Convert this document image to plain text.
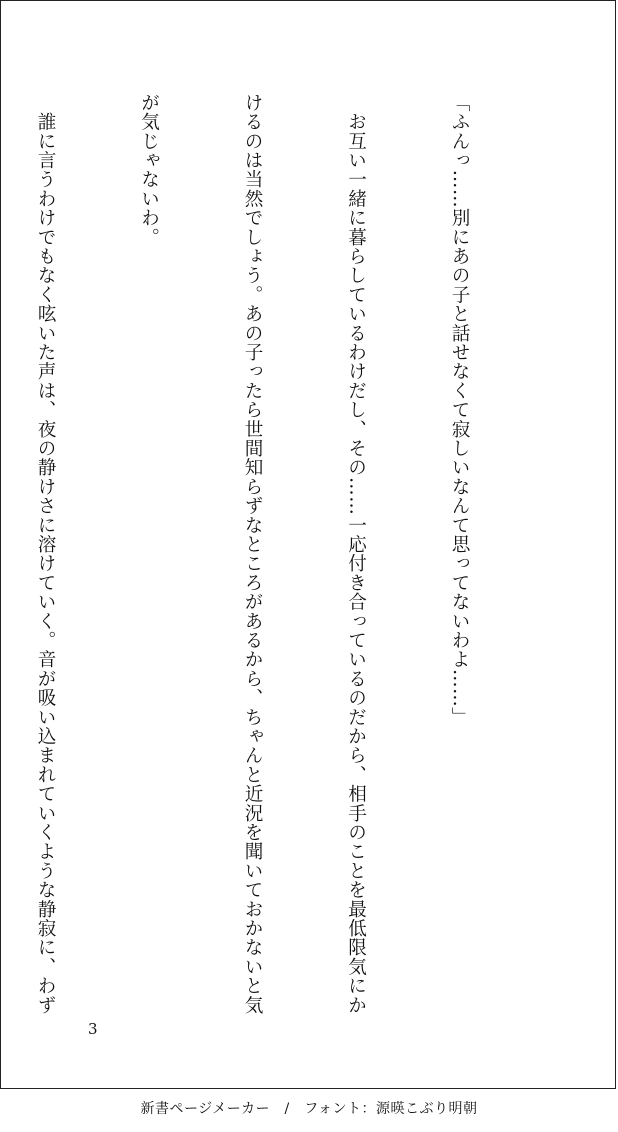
「ふんっ……別にあの子と話せなくて寂しいなんて思ってないわよ……」

　お互い一緒に暮らしているわけだし、その……一応付き合っているのだから、相手のことを最低限気にか

けるのは当然でしょう。あの子ったら世間知らずなところがあるから、ちゃんと近況を聞いておかないと気

が気じゃないわ。

　誰に言うわけでもなく呟いた声は、夜の静けさに溶けていく。音が吸い込まれていくような静寂に、わず

3
新書ページメーカー　/　フォント：源暎こぶり明朝
